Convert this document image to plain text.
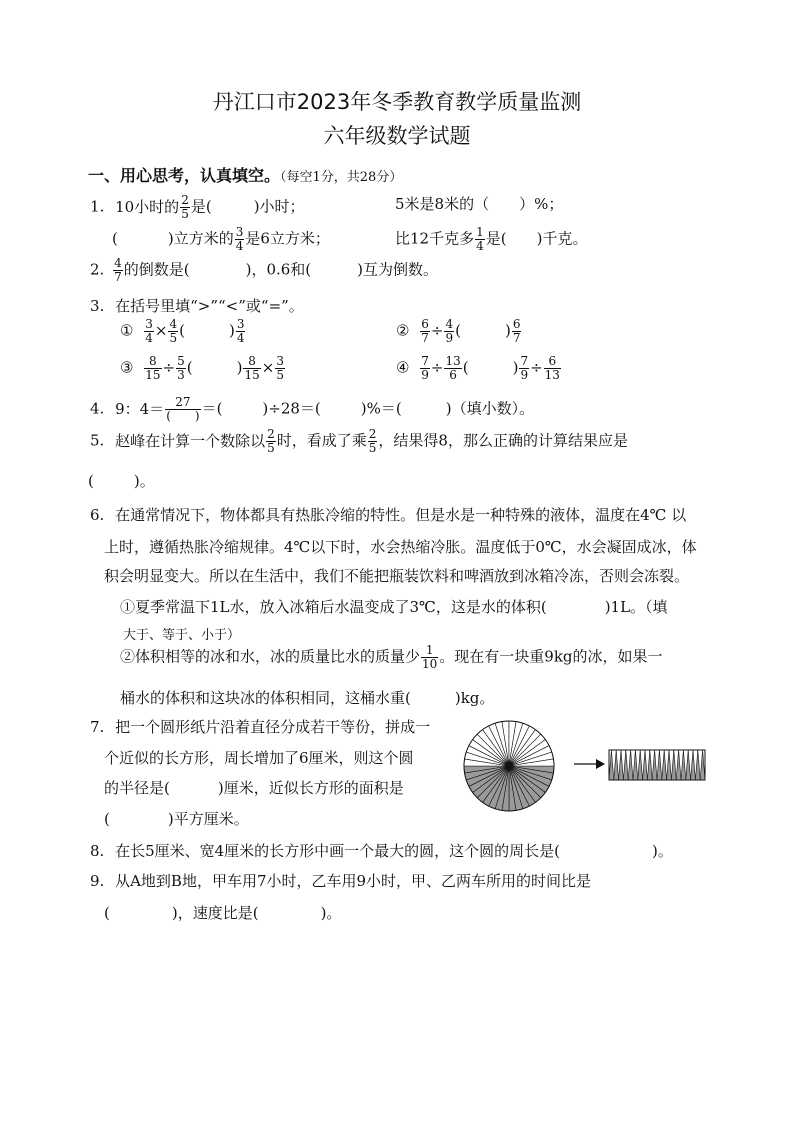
丹江口市2023年冬季教育教学质量监测
六年级数学试题
一、用心思考，认真填空。（每空1分，共28分）
1. 10小时的 $\frac{2}{5}$ 是(	)小时；	5米是8米的（ ）%；
(	)立方米的 $\frac{3}{4}$ 是6立方米；	比12千克多 $\frac{1}{4}$ 是( )千克。
2. $\frac{4}{7}$ 的倒数是(	)，0.6和(	)互为倒数。
3. 在括号里填“>”“<”或“=”。
① $\frac{3}{4} \times \frac{4}{5}$ (	) $\frac{3}{4}$	② $\frac{6}{7} \div \frac{4}{9}$ (	) $\frac{6}{7}$
③ $\frac{8}{15} \div \frac{5}{3}$ (	) $\frac{8}{15} \times \frac{3}{5}$	④ $\frac{7}{9} \div \frac{13}{6}$ (	) $\frac{7}{9} \div \frac{6}{13}$
4. 9：$4= \frac{27}{( )}$ ＝(	)÷28＝(	)%＝(	)（填小数）。
5. 赵峰在计算一个数除以 $\frac{2}{5}$ 时，看成了乘 $\frac{2}{5}$ ，结果得8，那么正确的计算结果应是
(	)。
6. 在通常情况下，物体都具有热胀冷缩的特性。但是水是一种特殊的液体，温度在4℃ 以
上时，遵循热胀冷缩规律。4℃以下时，水会热缩冷胀。温度低于0℃，水会凝固成冰，体
积会明显变大。所以在生活中，我们不能把瓶装饮料和啤酒放到冰箱冷冻，否则会冻裂。
①夏季常温下1L水，放入冰箱后水温变成了3℃，这是水的体积(	)1L。（填
大于、等于、小于）
②体积相等的冰和水，冰的质量比水的质量少 $\frac{1}{10}$ 。现在有一块重9kg的冰，如果一
桶水的体积和这块冰的体积相同，这桶水重(	)kg。
7. 把一个圆形纸片沿着直径分成若干等份，拼成一
个近似的长方形，周长增加了6厘米，则这个圆
的半径是(	)厘米，近似长方形的面积是
(	)平方厘米。
8. 在长5厘米、宽4厘米的长方形中画一个最大的圆，这个圆的周长是(	)。
9. 从A地到B地，甲车用7小时，乙车用9小时，甲、乙两车所用的时间比是
(	)，速度比是(	)。
